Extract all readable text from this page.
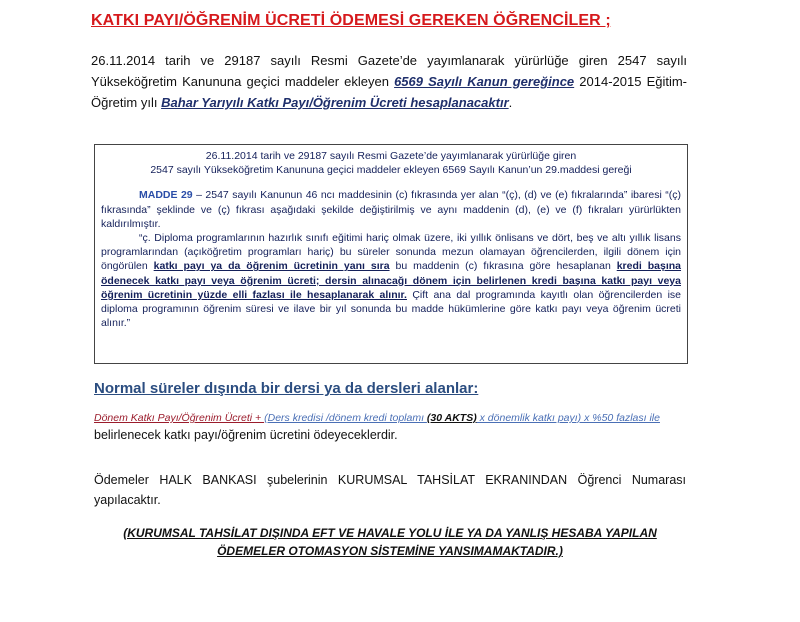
KATKI PAYI/ÖĞRENİM ÜCRETİ ÖDEMESİ GEREKEN ÖĞRENCİLER ;
26.11.2014 tarih ve 29187 sayılı Resmi Gazete’de yayımlanarak yürürlüğe giren 2547 sayılı Yükseköğretim Kanununa geçici maddeler ekleyen 6569 Sayılı Kanun gereğince 2014-2015 Eğitim-Öğretim yılı Bahar Yarıyılı Katkı Payı/Öğrenim Ücreti hesaplanacaktır.
26.11.2014 tarih ve 29187 sayılı Resmi Gazete’de yayımlanarak yürürlüğe giren
2547 sayılı Yükseköğretim Kanununa geçici maddeler ekleyen 6569 Sayılı Kanun’un 29.maddesi gereği

MADDE 29 – 2547 sayılı Kanunun 46 ncı maddesinin (c) fıkrasında yer alan “(ç), (d) ve (e) fıkralarında” ibaresi “(ç) fıkrasında” şeklinde ve (ç) fıkrası aşağıdaki şekilde değiştirilmiş ve aynı maddenin (d), (e) ve (f) fıkraları yürürlükten kaldırılmıştır.

“ç. Diploma programlarının hazırlık sınıfı eğitimi hariç olmak üzere, iki yıllık önlisans ve dört, beş ve altı yıllık lisans programlarından (açıköğretim programları hariç) bu süreler sonunda mezun olamayan öğrencilerden, ilgili dönem için öngörülen katkı payı ya da öğrenim ücretinin yanı sıra bu maddenin (c) fıkrasına göre hesaplanan kredi başına ödenecek katkı payı veya öğrenim ücreti; dersin alınacağı dönem için belirlenen kredi başına katkı payı veya öğrenim ücretinin yüzde elli fazlası ile hesaplanarak alınır. Çift ana dal programında kayıtlı olan öğrencilerden ise diploma programının öğrenim süresi ve ilave bir yıl sonunda bu madde hükümlerine göre katkı payı veya öğrenim ücreti alınır.”

Normal süreler dışında bir dersi ya da dersleri alanlar:
Dönem Katkı Payı/Öğrenim Ücreti + (Ders kredisi /dönem kredi toplamı (30 AKTS) x dönemlik katkı payı) x %50 fazlası ile
belirlenecek katkı payı/öğrenim ücretini ödeyeceklerdir.
Ödemeler HALK BANKASI şubelerinin KURUMSAL TAHSİLAT EKRANINDAN Öğrenci Numarası yapılacaktır.
(KURUMSAL TAHSİLAT DIŞINDA EFT VE HAVALE YOLU İLE YA DA YANLIŞ HESABA YAPILAN ÖDEMELER OTOMASYON SİSTEMİNE YANSIMAMAKTADIR.)
